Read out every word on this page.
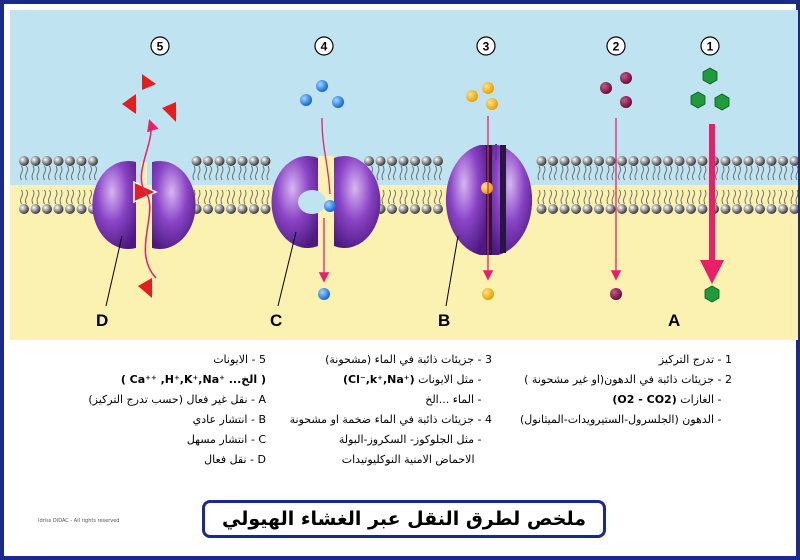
5	4	3	2	1
D	C	B	A
1 - تدرج التركيز
2 - جزيئات ذائبة في الدهون(او غير مشحونة )
- الغازات (O2 - CO2)
- الدهون (الجلسرول-الستيرويدات-الميثانول)
3 - جزيئات ذائبة في الماء (مشحونة)
- مثل الايونات (Cl⁻,k⁺,Na⁺)
- الماء ...الخ
4 - جزيئات ذائبة في الماء ضخمة او مشحونة
- مثل الجلوكوز- السكروز-البولة
الاحماض الامنية النوكليوتيدات
5 - الايونات
( Ca⁺⁺ ,H⁺,K⁺,Na⁺ ...الخ )
A - نقل غير فعال (حسب تدرج التركيز)
B - انتشار عادي
C - انتشار مسهل
D - نقل فعال
Idriss DIDAC - All rights reserved	ملخص لطرق النقل عبر الغشاء الهيولي
